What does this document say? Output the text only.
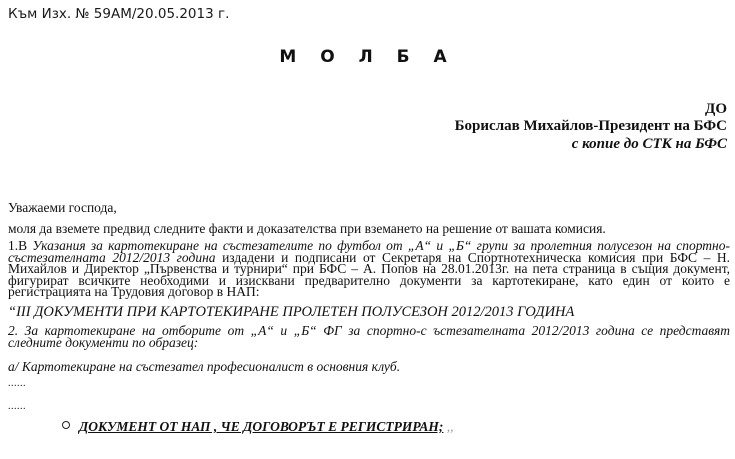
Към Изх. № 59АМ/20.05.2013 г.
М О Л Б А
ДО
Борислав Михайлов-Президент на БФС
с копие до СТК на БФС
Уважаеми господа,
моля да вземете предвид следните факти и доказателства при вземането на решение от вашата комисия.
1.В Указания за картотекиране на състезателите по футбол от „А“ и „Б“ групи за пролетния полусезон на спортно-състезателната 2012/2013 година издадени и подписани от Секретаря на Спортнотехническа комисия при БФС – Н. Михайлов и Директор „Първенства и турнири“ при БФС – А. Попов на 28.01.2013г. на пета страница в същия документ, фигурират всичките необходими и изисквани предварително документи за картотекиране, като един от които е регистрацията на Трудовия договор в НАП:
“III ДОКУМЕНТИ ПРИ КАРТОТЕКИРАНЕ ПРОЛЕТЕН ПОЛУСЕЗОН 2012/2013 ГОДИНА
2. За картотекиране на отборите от „А“ и „Б“ ФГ за спортно-с ъстезателната 2012/2013 година се представят следните документи по образец:
а/ Картотекиране на състезател професионалист в основния клуб.
......
......
ДОКУМЕНТ ОТ НАП , ЧЕ ДОГОВОРЪТ Е РЕГИСТРИРАН; ,,
